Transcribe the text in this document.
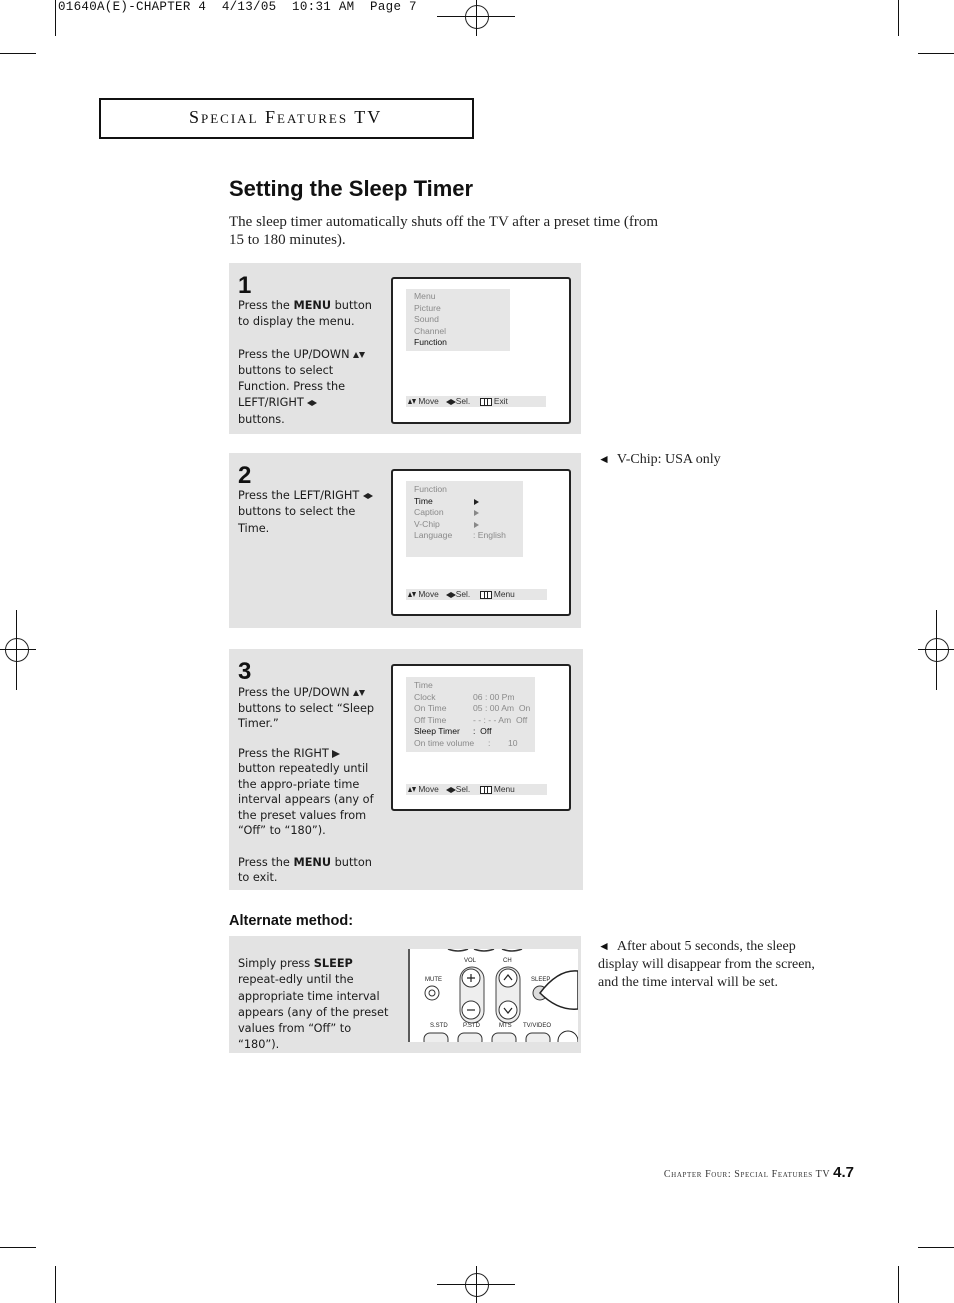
01640A(E)-CHAPTER 4  4/13/05  10:31 AM  Page 7
Special Features TV
Setting the Sleep Timer
The sleep timer automatically shuts off the TV after a preset time (from 15 to 180 minutes).
1
Press the MENU button to display the menu.
Press the UP/DOWN
buttons to select Function. Press the LEFT/RIGHT
buttons.
Menu
Picture
Sound
Channel
Function
Move Sel.	Exit
2
Press the LEFT/RIGHT
buttons to select the Time.
Function
Time
Caption
V-Chip
Language : English
Move Sel.	Menu
◄ V-Chip: USA only
3
Press the UP/DOWN
buttons to select “Sleep Timer.”
Press the RIGHT  button repeatedly until the appro-priate time interval appears (any of the preset values from “Off” to “180”).
Press the MENU button to exit.
Time
Clock	06 : 00 Pm
On Time	05 : 00 Am  On
Off Time	- - : - - Am  Off
Sleep Timer :  Off
On time volume : 10
Move Sel.	Menu
Alternate method:
Simply press SLEEP repeat-edly until the appropriate time interval appears (any of the preset values from “Off” to “180”).
VOL	CH
MUTE	SLEEP
S.STD	P.STD	MTS TV/VIDEO
◄ After about 5 seconds, the sleep display will disappear from the screen, and the time interval will be set.
Chapter Four: Special Features TV 4.7
